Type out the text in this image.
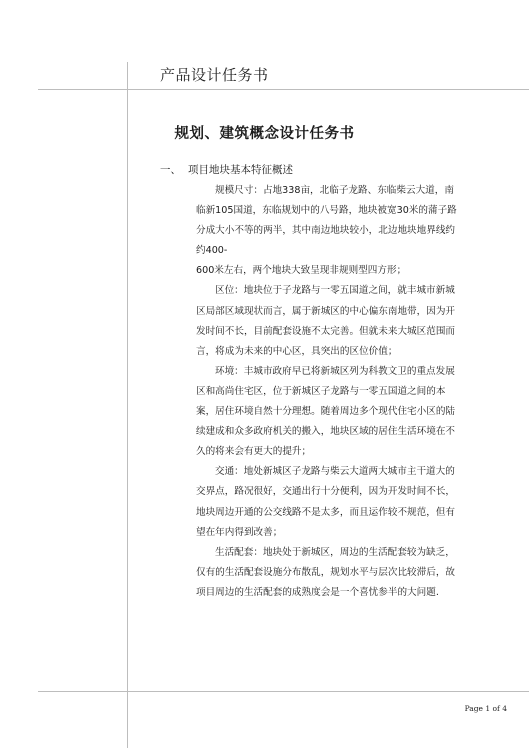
产品设计任务书
规划、建筑概念设计任务书
一、 项目地块基本特征概述

规模尺寸：占地338亩，北临子龙路、东临柴云大道，南临新105国道，东临规划中的八号路，地块被宽30米的蒲子路分成大小不等的两半，其中南边地块较小，北边地块地界线约约400-

600米左右，两个地块大致呈现非规则型四方形；

区位：地块位于子龙路与一零五国道之间，就丰城市新城区局部区域现状而言，属于新城区的中心偏东南地带，因为开发时间不长，目前配套设施不太完善。但就未来大城区范围而言，将成为未来的中心区，具突出的区位价值；

环境：丰城市政府早已将新城区列为科教文卫的重点发展区和高尚住宅区，位于新城区子龙路与一零五国道之间的本案，居住环境自然十分理想。随着周边多个现代住宅小区的陆续建成和众多政府机关的搬入，地块区域的居住生活环境在不久的将来会有更大的提升；

交通：地处新城区子龙路与柴云大道两大城市主干道大的交界点，路况很好，交通出行十分便利，因为开发时间不长，地块周边开通的公交线路不是太多，而且运作较不规范，但有望在年内得到改善；

生活配套：地块处于新城区，周边的生活配套较为缺乏，仅有的生活配套设施分布散乱，规划水平与层次比较滞后，故项目周边的生活配套的成熟度会是一个喜忧参半的大问题.

Page 1 of 4
